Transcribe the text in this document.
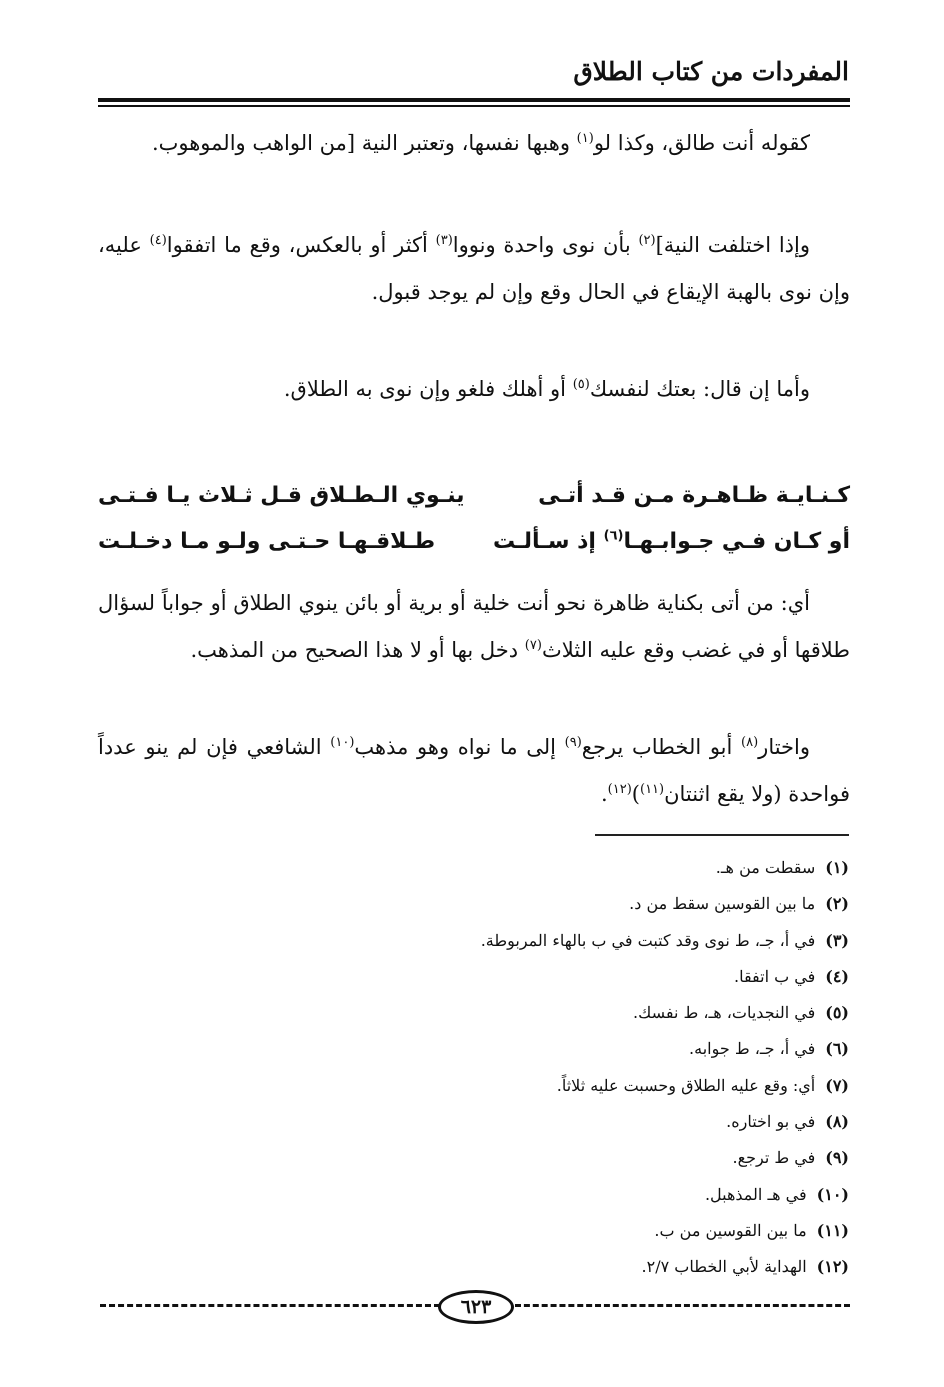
المفردات من كتاب الطلاق

كقوله أنت طالق، وكذا لو$^{(١)}$ وهبها نفسها، وتعتبر النية [من الواهب والموهوب.

وإذا اختلفت النية]$^{(٢)}$ بأن نوى واحدة ونووا$^{(٣)}$ أكثر أو بالعكس، وقع ما اتفقوا$^{(٤)}$ عليه، وإن نوى بالهبة الإيقاع في الحال وقع وإن لم يوجد قبول.

وأما إن قال: بعتك لنفسك$^{(٥)}$ أو أهلك فلغو وإن نوى به الطلاق.

كـنـايـة ظـاهـرة مـن قـد أتـى
ينـوي الـطـلاق قـل ثـلاث يـا فـتـى
أو كـان فـي جـوابـهـا$^{(٦)}$ إذ سـألـت
طـلاقـهـا حـتـى ولـو مـا دخـلـت

أي: من أتى بكناية ظاهرة نحو أنت خلية أو برية أو بائن ينوي الطلاق أو جواباً لسؤال طلاقها أو في غضب وقع عليه الثلاث$^{(٧)}$ دخل بها أو لا هذا الصحيح من المذهب.

واختار$^{(٨)}$ أبو الخطاب يرجع$^{(٩)}$ إلى ما نواه وهو مذهب$^{(١٠)}$ الشافعي فإن لم ينو عدداً فواحدة (ولا يقع اثنتان$^{(١١)}$)$^{(١٢)}$.

(١)سقطت من هـ.
(٢)ما بين القوسين سقط من د.
(٣)في أ، جـ، ط نوى وقد كتبت في ب بالهاء المربوطة.
(٤)في ب اتفقا.
(٥)في النجديات، هـ، ط نفسك.
(٦)في أ، جـ، ط جوابه.
(٧)أي: وقع عليه الطلاق وحسبت عليه ثلاثاً.
(٨)في بو اختاره.
(٩)في ط ترجع.
(١٠)في هـ المذهبل.
(١١)ما بين القوسين من ب.
(١٢)الهداية لأبي الخطاب ٢/٧.
٦٢٣
